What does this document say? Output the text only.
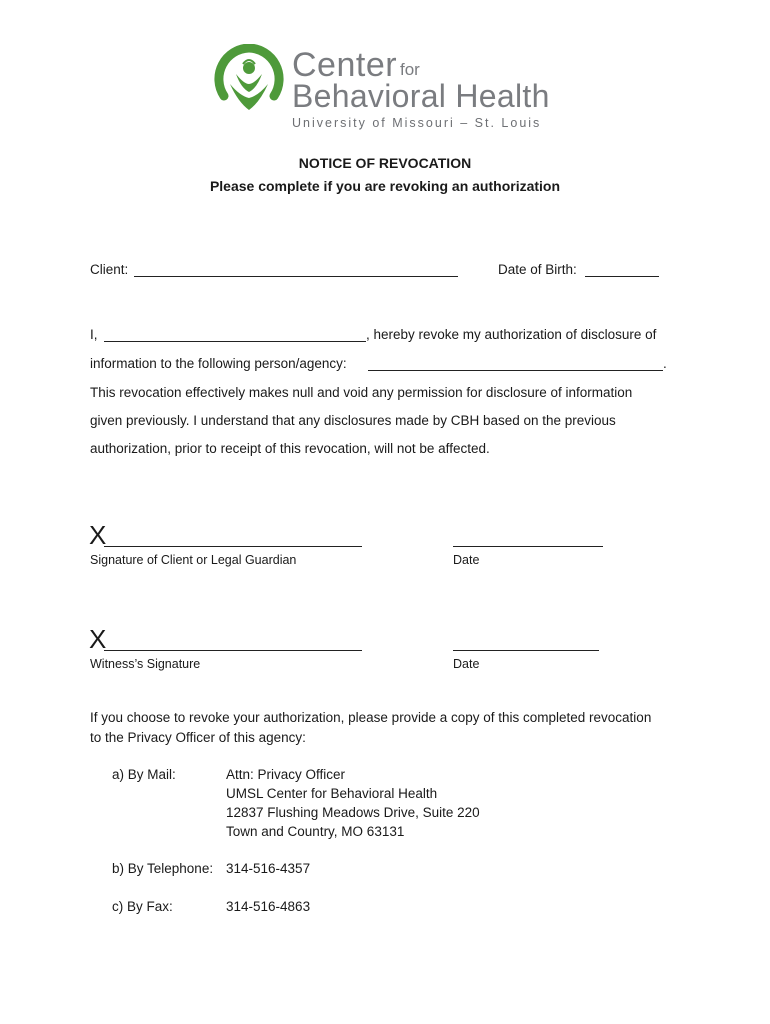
Center for
Behavioral Health
University of Missouri – St. Louis
NOTICE OF REVOCATION
Please complete if you are revoking an authorization
Client:	Date of Birth:
I,	, hereby revoke my authorization of disclosure of
information to the following person/agency:	.
This revocation effectively makes null and void any permission for disclosure of information
given previously. I understand that any disclosures made by CBH based on the previous
authorization, prior to receipt of this revocation, will not be affected.
X
Signature of Client or Legal Guardian	Date
X
Witness’s Signature	Date
If you choose to revoke your authorization, please provide a copy of this completed revocation
to the Privacy Officer of this agency:
a) By Mail:	Attn: Privacy Officer
UMSL Center for Behavioral Health
12837 Flushing Meadows Drive, Suite 220
Town and Country, MO 63131
b) By Telephone: 314-516-4357
c) By Fax:	314-516-4863
